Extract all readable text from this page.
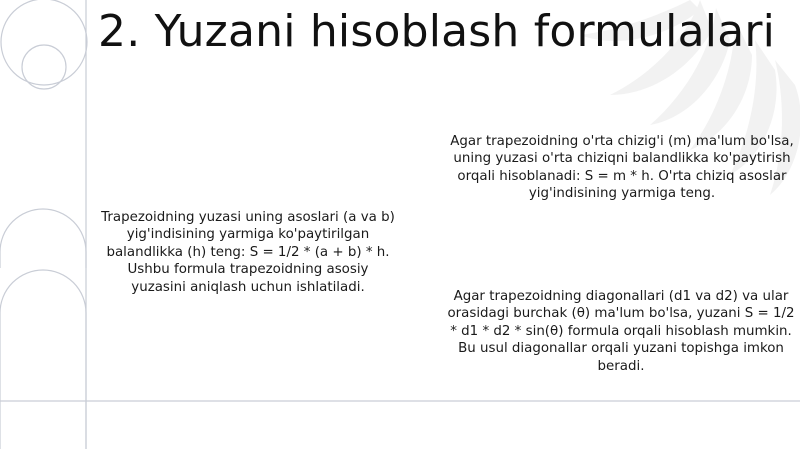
2. Yuzani hisoblash formulalari

Trapezoidning yuzasi uning asoslari (a va b) yig'indisining yarmiga ko'paytirilgan balandlikka (h) teng: S = 1/2 * (a + b) * h. Ushbu formula trapezoidning asosiy yuzasini aniqlash uchun ishlatiladi.

Agar trapezoidning o'rta chizig'i (m) ma'lum bo'lsa, uning yuzasi o'rta chiziqni balandlikka ko'paytirish orqali hisoblanadi: S = m * h. O'rta chiziq asoslar yig'indisining yarmiga teng.

Agar trapezoidning diagonallari (d1 va d2) va ular orasidagi burchak (θ) ma'lum bo'lsa, yuzani S = 1/2 * d1 * d2 * sin(θ) formula orqali hisoblash mumkin. Bu usul diagonallar orqali yuzani topishga imkon beradi.
